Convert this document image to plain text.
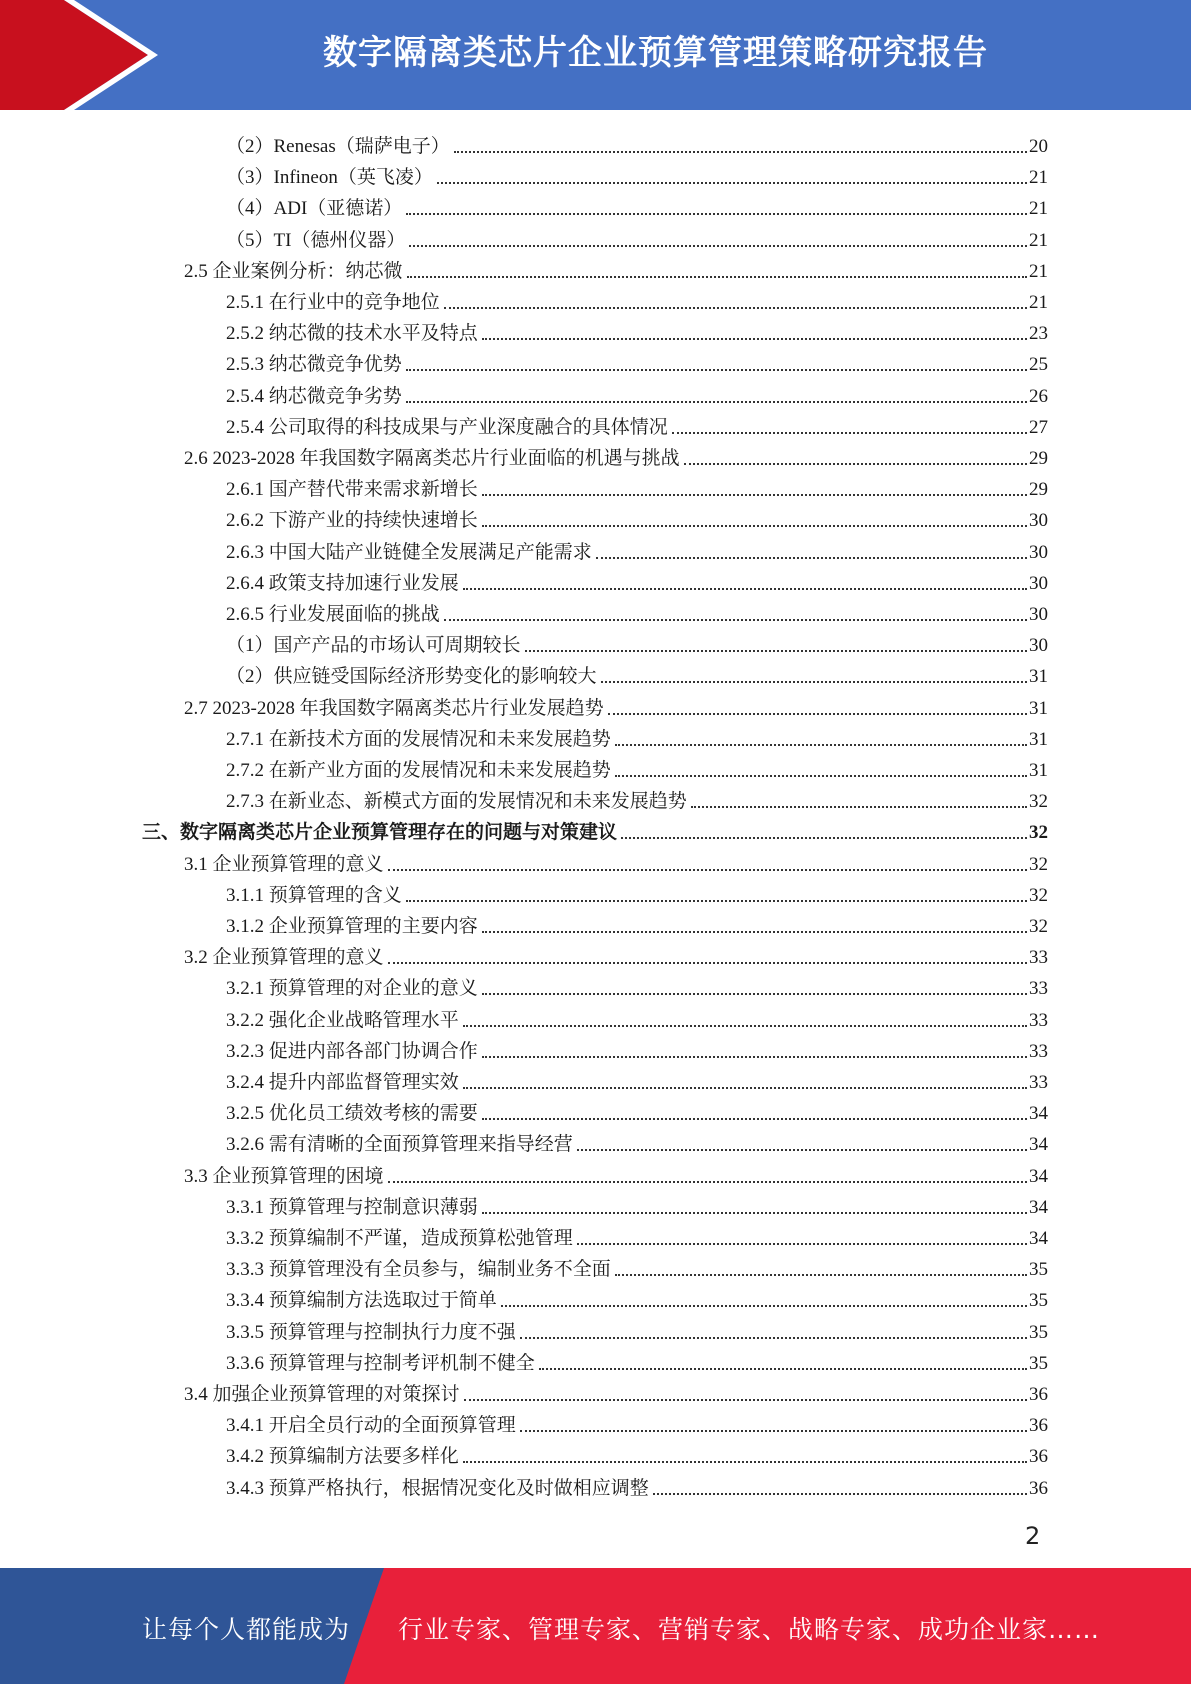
数字隔离类芯片企业预算管理策略研究报告
（2）Renesas（瑞萨电子）	20
（3）Infineon（英飞凌）	21
（4）ADI（亚德诺）	21
（5）TI（德州仪器）	21
2.5 企业案例分析：纳芯微	21
2.5.1 在行业中的竞争地位	21
2.5.2 纳芯微的技术水平及特点	23
2.5.3 纳芯微竞争优势	25
2.5.4 纳芯微竞争劣势	26
2.5.4 公司取得的科技成果与产业深度融合的具体情况	27
2.6 2023-2028 年我国数字隔离类芯片行业面临的机遇与挑战	29
2.6.1 国产替代带来需求新增长	29
2.6.2 下游产业的持续快速增长	30
2.6.3 中国大陆产业链健全发展满足产能需求	30
2.6.4 政策支持加速行业发展	30
2.6.5 行业发展面临的挑战	30
（1）国产产品的市场认可周期较长	30
（2）供应链受国际经济形势变化的影响较大	31
2.7 2023-2028 年我国数字隔离类芯片行业发展趋势	31
2.7.1 在新技术方面的发展情况和未来发展趋势	31
2.7.2 在新产业方面的发展情况和未来发展趋势	31
2.7.3 在新业态、新模式方面的发展情况和未来发展趋势	32
三、数字隔离类芯片企业预算管理存在的问题与对策建议	32
3.1 企业预算管理的意义	32
3.1.1 预算管理的含义	32
3.1.2 企业预算管理的主要内容	32
3.2 企业预算管理的意义	33
3.2.1 预算管理的对企业的意义	33
3.2.2 强化企业战略管理水平	33
3.2.3 促进内部各部门协调合作	33
3.2.4 提升内部监督管理实效	33
3.2.5 优化员工绩效考核的需要	34
3.2.6 需有清晰的全面预算管理来指导经营	34
3.3 企业预算管理的困境	34
3.3.1 预算管理与控制意识薄弱	34
3.3.2 预算编制不严谨，造成预算松弛管理	34
3.3.3 预算管理没有全员参与，编制业务不全面	35
3.3.4 预算编制方法选取过于简单	35
3.3.5 预算管理与控制执行力度不强	35
3.3.6 预算管理与控制考评机制不健全	35
3.4 加强企业预算管理的对策探讨	36
3.4.1 开启全员行动的全面预算管理	36
3.4.2 预算编制方法要多样化	36
3.4.3 预算严格执行，根据情况变化及时做相应调整	36
2
让每个人都能成为 行业专家、管理专家、营销专家、战略专家、成功企业家……
